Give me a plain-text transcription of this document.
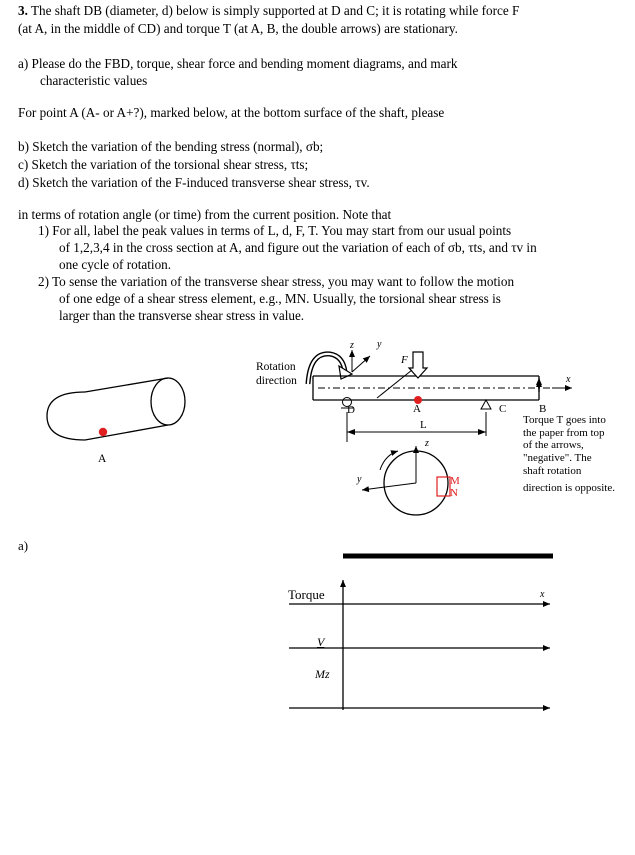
3. The shaft DB (diameter, d) below is simply supported at D and C; it is rotating while force F
(at A, in the middle of CD) and torque T (at A, B, the double arrows) are stationary.
a) Please do the FBD, torque, shear force and bending moment diagrams, and mark
characteristic values
For point A (A- or A+?), marked below, at the bottom surface of the shaft, please
b) Sketch the variation of the bending stress (normal), σb;
c) Sketch the variation of the torsional shear stress, τts;
d) Sketch the variation of the F-induced transverse shear stress, τv.
in terms of rotation angle (or time) from the current position. Note that
1) For all, label the peak values in terms of L, d, F, T. You may start from our usual points
of 1,2,3,4 in the cross section at A, and figure out the variation of each of σb, τts, and τv in
one cycle of rotation.
2) To sense the variation of the transverse shear stress, you may want to follow the motion
of one edge of a shear stress element, e.g., MN. Usually, the torsional shear stress is
larger than the transverse shear stress in value.
A
Rotation
direction	x
z y
F
A
D	C	B
L
z
y	M
N
Torque T goes into
the paper from top
of the arrows,
"negative". The
shaft rotation
direction is opposite.
a)
Torque	x
V
Mz
